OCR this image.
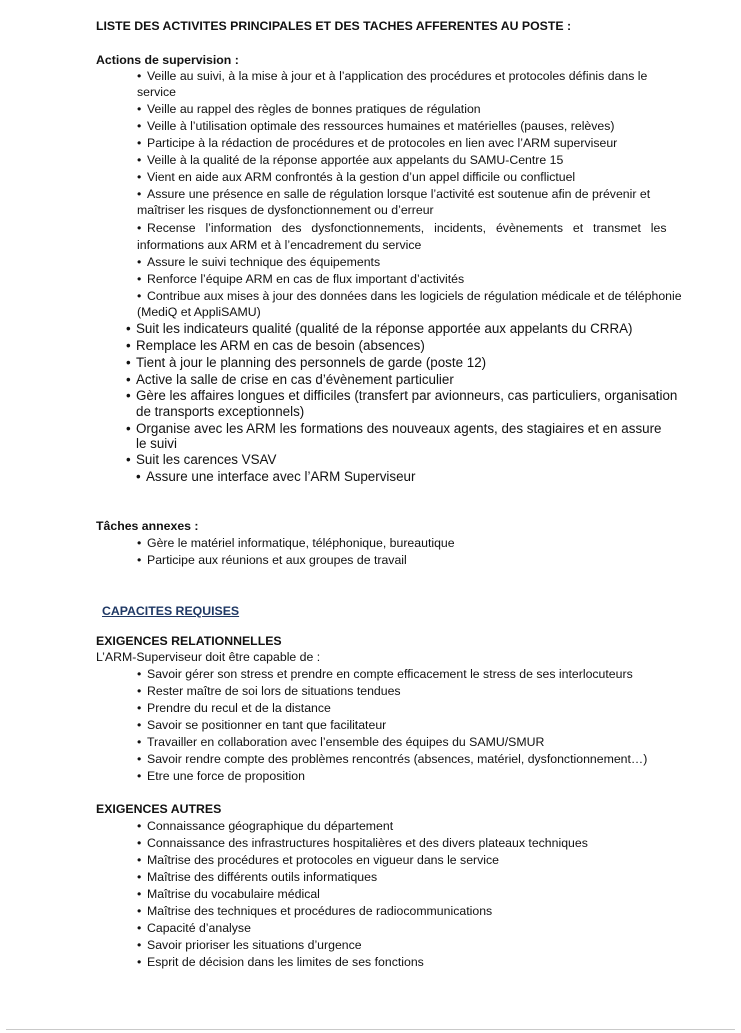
LISTE DES ACTIVITES PRINCIPALES ET DES TACHES AFFERENTES AU POSTE :
Actions de supervision :
• Veille au suivi, à la mise à jour et à l’application des procédures et protocoles définis dans le
service
• Veille au rappel des règles de bonnes pratiques de régulation
• Veille à l’utilisation optimale des ressources humaines et matérielles (pauses, relèves)
• Participe à la rédaction de procédures et de protocoles en lien avec l’ARM superviseur
• Veille à la qualité de la réponse apportée aux appelants du SAMU-Centre 15
• Vient en aide aux ARM confrontés à la gestion d’un appel difficile ou conflictuel
• Assure une présence en salle de régulation lorsque l’activité est soutenue afin de prévenir et
maîtriser les risques de dysfonctionnement ou d’erreur
• Recense l’information des dysfonctionnements, incidents, évènements et transmet les
informations aux ARM et à l’encadrement du service
• Assure le suivi technique des équipements
• Renforce l’équipe ARM en cas de flux important d’activités
• Contribue aux mises à jour des données dans les logiciels de régulation médicale et de téléphonie
(MediQ et AppliSAMU)
• Suit les indicateurs qualité (qualité de la réponse apportée aux appelants du CRRA)
• Remplace les ARM en cas de besoin (absences)
• Tient à jour le planning des personnels de garde (poste 12)
• Active la salle de crise en cas d’évènement particulier
• Gère les affaires longues et difficiles (transfert par avionneurs, cas particuliers, organisation
de transports exceptionnels)
• Organise avec les ARM les formations des nouveaux agents, des stagiaires et en assure
le suivi
• Suit les carences VSAV
• Assure une interface avec l’ARM Superviseur
Tâches annexes :
• Gère le matériel informatique, téléphonique, bureautique
• Participe aux réunions et aux groupes de travail
CAPACITES REQUISES
EXIGENCES RELATIONNELLES
L’ARM-Superviseur doit être capable de :
• Savoir gérer son stress et prendre en compte efficacement le stress de ses interlocuteurs
• Rester maître de soi lors de situations tendues
• Prendre du recul et de la distance
• Savoir se positionner en tant que facilitateur
• Travailler en collaboration avec l’ensemble des équipes du SAMU/SMUR
• Savoir rendre compte des problèmes rencontrés (absences, matériel, dysfonctionnement…)
• Etre une force de proposition
EXIGENCES AUTRES
• Connaissance géographique du département
• Connaissance des infrastructures hospitalières et des divers plateaux techniques
• Maîtrise des procédures et protocoles en vigueur dans le service
• Maîtrise des différents outils informatiques
• Maîtrise du vocabulaire médical
• Maîtrise des techniques et procédures de radiocommunications
• Capacité d’analyse
• Savoir prioriser les situations d’urgence
• Esprit de décision dans les limites de ses fonctions
